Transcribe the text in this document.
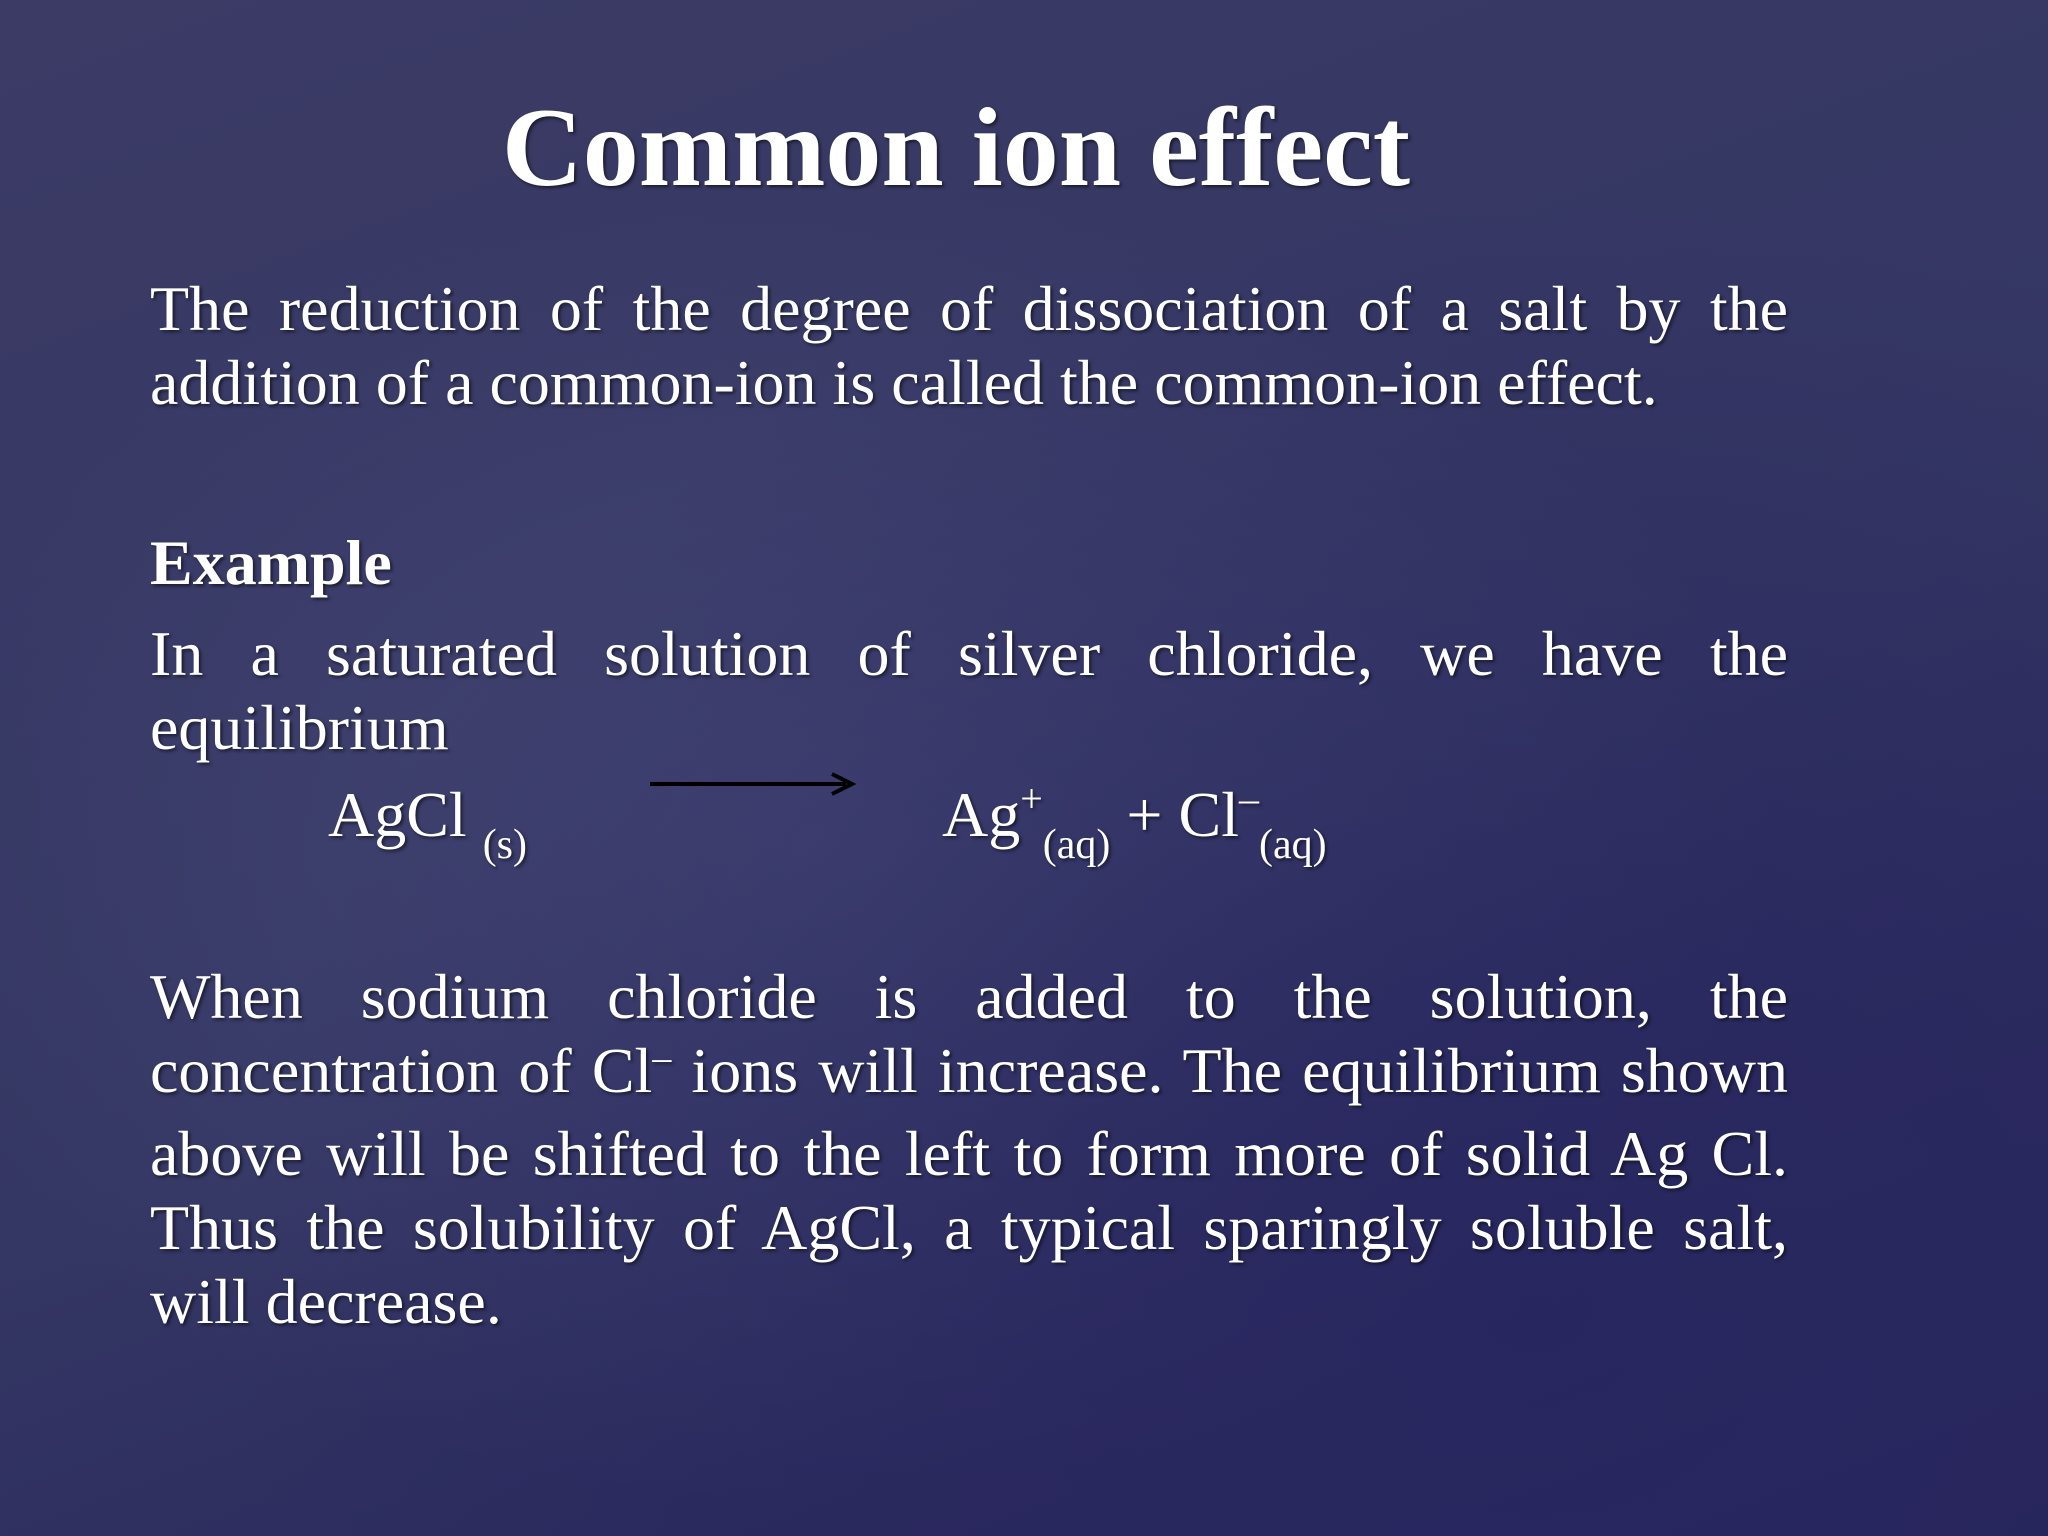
Common ion effect
The reduction of the degree of dissociation of a salt by the addition of a common-ion is called the common-ion effect.
Example
In a saturated solution of silver chloride, we have the equilibrium
AgCl $_{(s)}$	$Ag^+_{(aq)} + Cl^-_{(aq)}$
When sodium chloride is added to the solution, the concentration of Cl– ions will increase. The equilibrium shown above will be shifted to the left to form more of solid Ag Cl. Thus the solubility of AgCl, a typical sparingly soluble salt, will decrease.
